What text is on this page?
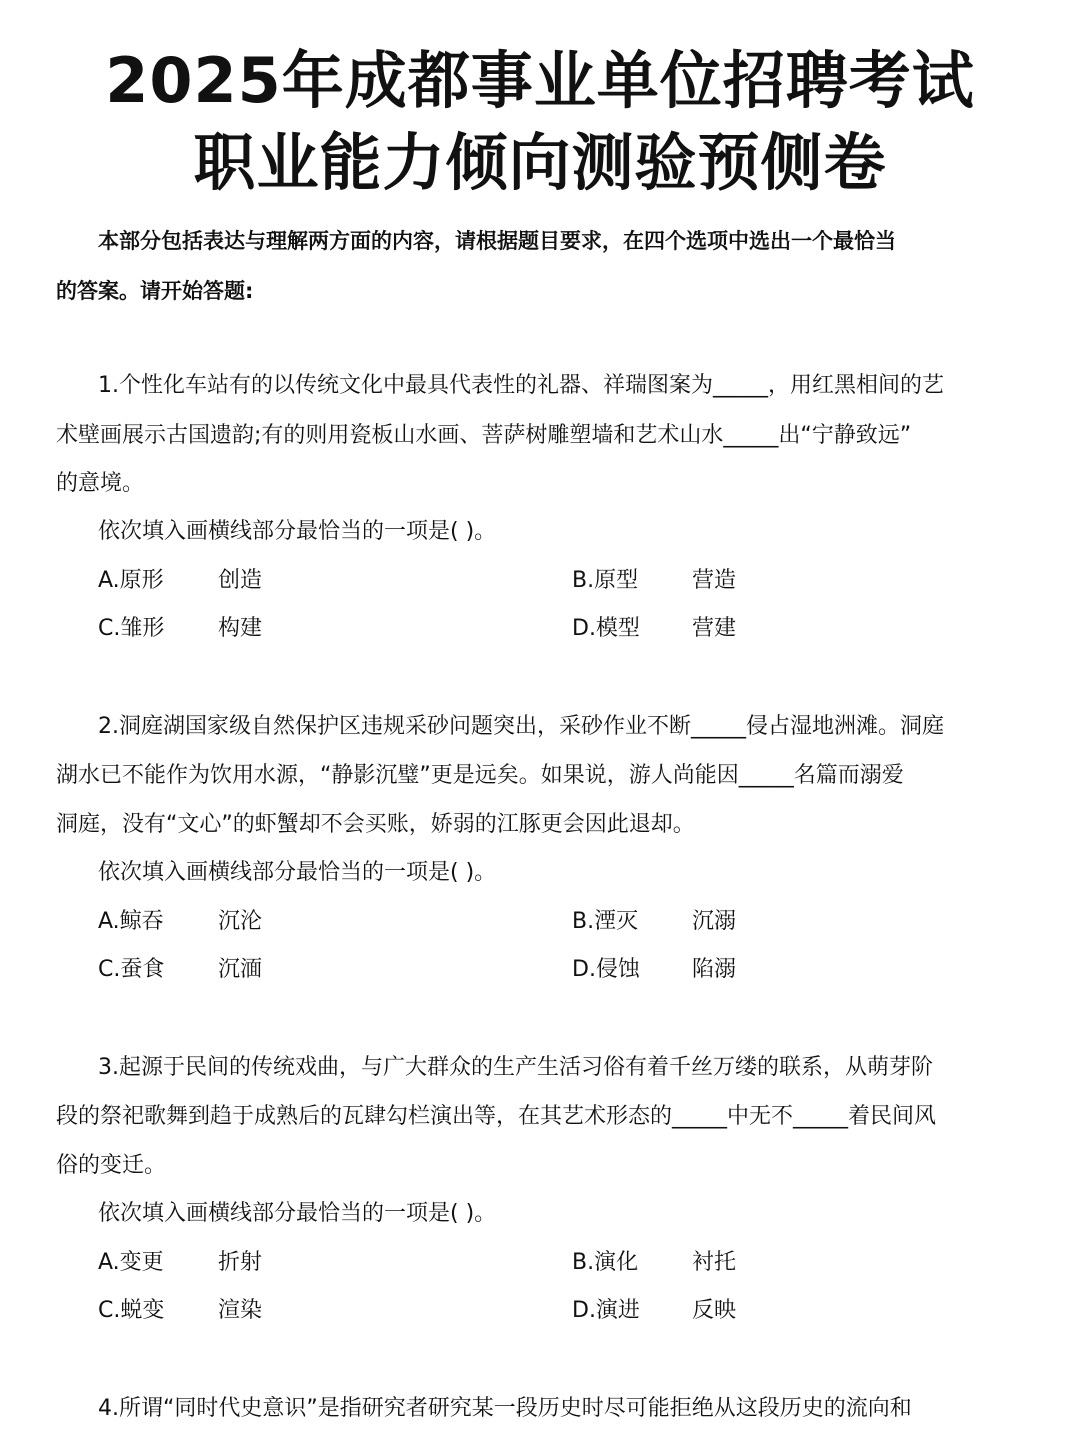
2025年成都事业单位招聘考试
职业能力倾向测验预侧卷
本部分包括表达与理解两方面的内容，请根据题目要求，在四个选项中选出一个最恰当
的答案。请开始答题:
1.个性化车站有的以传统文化中最具代表性的礼器、祥瑞图案为_____，用红黑相间的艺
术壁画展示古国遗韵;有的则用瓷板山水画、菩萨树雕塑墙和艺术山水_____出“宁静致远”
的意境。
依次填入画横线部分最恰当的一项是( )。
A.原形 创造	B.原型 营造
C.雏形 构建	D.模型 营建
2.洞庭湖国家级自然保护区违规采砂问题突出，采砂作业不断_____侵占湿地洲滩。洞庭
湖水已不能作为饮用水源，“静影沉璧”更是远矣。如果说，游人尚能因_____名篇而溺爱
洞庭，没有“文心”的虾蟹却不会买账，娇弱的江豚更会因此退却。
依次填入画横线部分最恰当的一项是( )。
A.鲸吞 沉沦	B.湮灭 沉溺
C.蚕食 沉湎	D.侵蚀 陷溺
3.起源于民间的传统戏曲，与广大群众的生产生活习俗有着千丝万缕的联系，从萌芽阶
段的祭祀歌舞到趋于成熟后的瓦肆勾栏演出等，在其艺术形态的_____中无不_____着民间风
俗的变迁。
依次填入画横线部分最恰当的一项是( )。
A.变更 折射	B.演化 衬托
C.蜕变 渲染	D.演进 反映
4.所谓“同时代史意识”是指研究者研究某一段历史时尽可能拒绝从这段历史的流向和
